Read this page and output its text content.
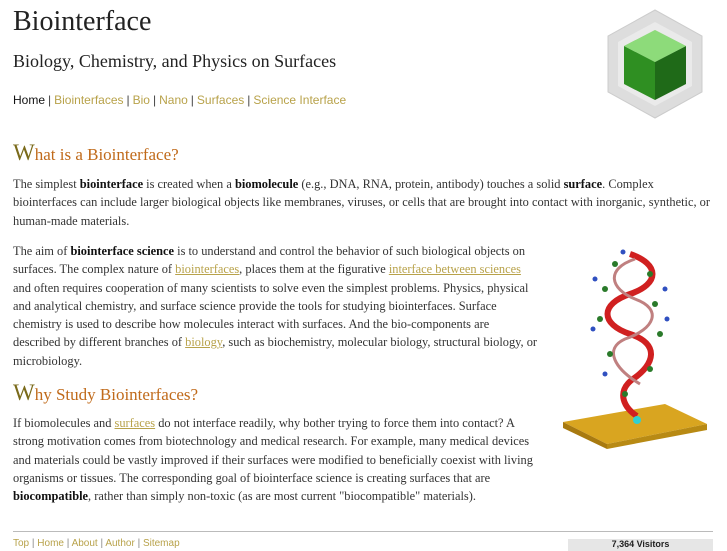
Biointerface
Biology, Chemistry, and Physics on Surfaces
Home | Biointerfaces | Bio | Nano | Surfaces | Science Interface
What is a Biointerface?

The simplest biointerface is created when a biomolecule (e.g., DNA, RNA, protein, antibody) touches a solid surface. Complex biointerfaces can include larger biological objects like membranes, viruses, or cells that are brought into contact with inorganic, synthetic, or human-made materials.

The aim of biointerface science is to understand and control the behavior of such biological objects on surfaces. The complex nature of biointerfaces, places them at the figurative interface between sciences and often requires cooperation of many scientists to solve even the simplest problems. Physics, physical and analytical chemistry, and surface science provide the tools for studying biointerfaces. Surface chemistry is used to describe how molecules interact with surfaces. And the bio-components are described by different branches of biology, such as biochemistry, molecular biology, structural biology, or microbiology.

Why Study Biointerfaces?

If biomolecules and surfaces do not interface readily, why bother trying to force them into contact? A strong motivation comes from biotechnology and medical research. For example, many medical devices and materials could be vastly improved if their surfaces were modified to beneficially coexist with living organisms or tissues. The corresponding goal of biointerface science is creating surfaces that are biocompatible, rather than simply non-toxic (as are most current "biocompatible" materials).

Top | Home | About | Author | Sitemap	7,364 Visitors
